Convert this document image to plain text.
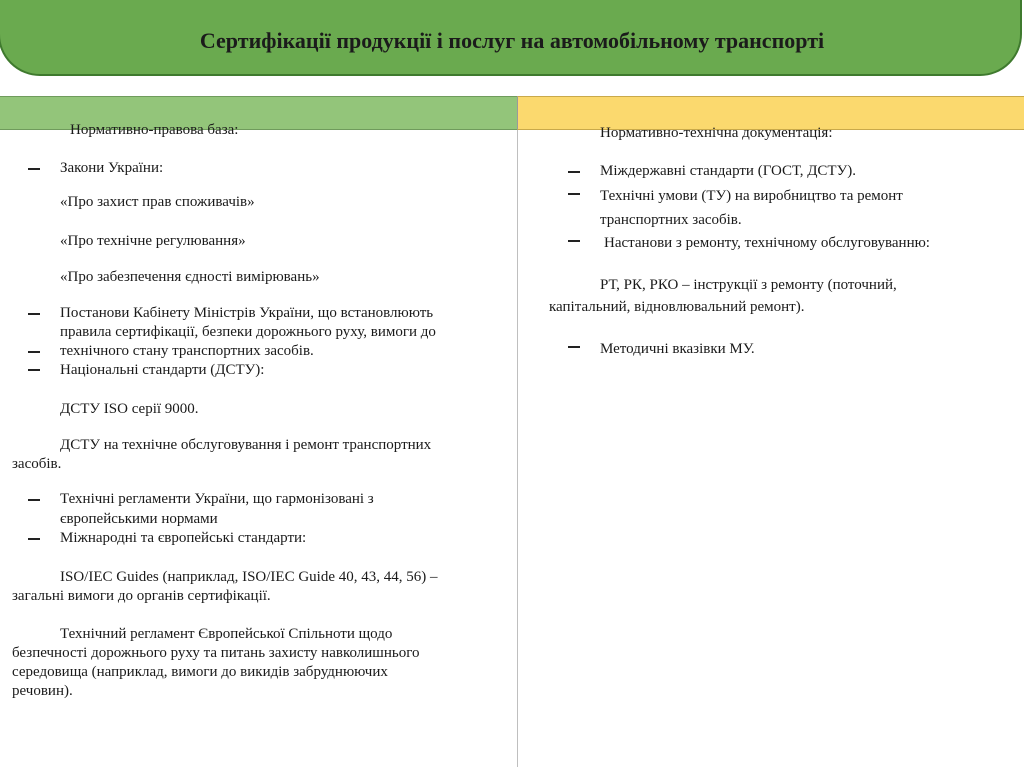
Сертифікації продукції і послуг на автомобільному транспорті
Нормативно-правова база:
Закони України:
«Про захист прав споживачів»
«Про технічне регулювання»
«Про забезпечення єдності вимірювань»
Постанови Кабінету Міністрів України, що встановлюють
правила сертифікації, безпеки дорожнього руху, вимоги до
технічного стану транспортних засобів.
Національні стандарти (ДСТУ):
ДСТУ ISO серії 9000.
ДСТУ на технічне обслуговування і ремонт транспортних
засобів.
Технічні регламенти України, що гармонізовані з
європейськими нормами
Міжнародні та європейські стандарти:
ISO/IEC Guides (наприклад, ISO/IEC Guide 40, 43, 44, 56) –
загальні вимоги до органів сертифікації.
Технічний регламент Європейської Спільноти щодо
безпечності дорожнього руху та питань захисту навколишнього
середовища (наприклад, вимоги до викидів забруднюючих
речовин).
Нормативно-технічна документація:
Міждержавні стандарти (ГОСТ, ДСТУ).
Технічні умови (ТУ) на виробництво та ремонт
транспортних засобів.
Настанови з ремонту, технічному обслуговуванню:
РТ, РК, РКО – інструкції з ремонту (поточний,
капітальний, відновлювальний ремонт).
Методичні вказівки МУ.
